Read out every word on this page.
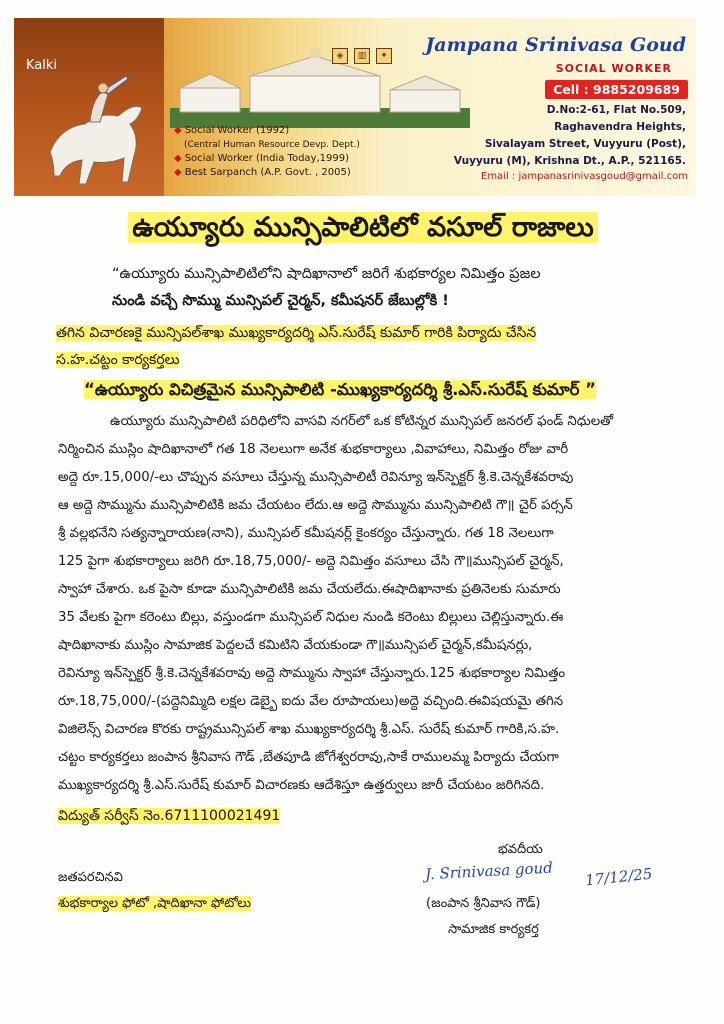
Kalki
◈	▥	✦ Jampana Srinivasa Goud
SOCIAL WORKER
Cell : 9885209689
D.No:2-61, Flat No.509,
Raghavendra Heights,
Sivalayam Street, Vuyyuru (Post),
Vuyyuru (M), Krishna Dt., A.P., 521165.
Email : jampanasrinivasgoud@gmail.com
◆ Social Worker (1992)
(Central Human Resource Devp. Dept.)
◆ Social Worker (India Today,1999)
◆ Best Sarpanch (A.P. Govt. , 2005)
ఉయ్యూరు మున్సిపాలిటిలో వసూల్ రాజాలు
“ఉయ్యూరు మున్సిపాలిటిలోని షాదిఖానాలో జరిగే శుభకార్యల నిమిత్తం ప్రజల
నుండి వచ్చే సొమ్ము మున్సిపల్ చైర్మన్, కమీషనర్ జేబుల్లోకి !
తగిన విచారణకై మున్సిపల్‌శాఖ ముఖ్యకార్యదర్శి ఎస్.సురేష్ కుమార్ గారికి పిర్యాదు చేసిన
స.హ.చట్టం కార్యకర్తలు
“ఉయ్యూరు విచిత్రమైన మున్సిపాలిటి -ముఖ్యకార్యదర్శి శ్రీ.ఎస్.సురేష్ కుమార్ ”
ఉయ్యూరు మున్సిపాలిటి పరిధిలోని వాసవి నగర్‌లో ఒక కోటిన్నర మున్సిపల్ జనరల్ ఫండ్ నిధులతో
నిర్మించిన ముస్లిం షాదిఖానాలో గత 18 నెలలుగా అనేక శుభకార్యాలు ,వివాహాలు, నిమిత్తం రోజు వారీ
అద్దె రూ.15,000/-లు చొప్పున వసూలు చేస్తున్న మున్సిపాలిటీ రెవిన్యూ ఇన్‌స్పెక్టర్ శ్రీ.కె.చెన్నకేశవరావు
ఆ అద్దె సొమ్మును మున్సిపాలిటికి జమ చేయటం లేదు.ఆ అద్దె సొమ్మును మున్సిపాలిటి గౌ॥ చైర్ పర్సన్
శ్రీ వల్లభనేని సత్యన్నారాయణ(నాని), మున్సిపల్ కమీషనర్ల్ కైంకర్యం చేస్తున్నారు. గత 18 నెలలుగా
125 పైగా శుభకార్యాలు జరిగి రూ.18,75,000/- అద్దె నిమిత్తం వసూలు చేసి గౌ॥మున్సిపల్ చైర్మన్,
స్వాహా చేశారు. ఒక పైసా కూడా మున్సిపాలిటికి జమ చేయలేదు.ఈషాదిఖానాకు ప్రతినెలకు సుమారు
35 వేలకు పైగా కరెంటు బిల్లు, వస్తుండగా మున్సిపల్ నిధుల నుండి కరెంటు బిల్లులు చెల్లిస్తున్నారు.ఈ
షాదిఖానాకు ముస్లిం సామాజిక పెద్దలచే కమిటిని వేయకుండా గౌ॥మున్సిపల్ చైర్మన్,కమీషనర్లు,
రెవిన్యూ ఇన్‌స్పెక్టర్ శ్రీ.కె.చెన్నకేశవరావు అద్దె సొమ్మును స్వాహా చేస్తున్నారు.125 శుభకార్యాల నిమిత్తం
రూ.18,75,000/-(పద్దెనిమ్మిది లక్షల డెబ్బై ఐదు వేల రూపాయలు)అద్దె వచ్చింది.ఈవిషయమై తగిన
విజిలెన్స్ విచారణ కొరకు రాష్ట్రమున్సిపల్ శాఖ ముఖ్యకార్యదర్శి శ్రీ.ఎస్. సురేష్ కుమార్ గారికి,స.హ.
చట్టం కార్యకర్తలు జంపాన శ్రీనివాస గౌడ్ ,బేతపూడి జోగేశ్వరరావు,సాకే రాములమ్మ పిర్యాదు చేయగా
ముఖ్యకార్యదర్శి శ్రీ.ఎస్.సురేష్ కుమార్ విచారణకు ఆదేశిస్తూ ఉత్తర్వులు జారీ చేయటం జరిగినది.
విద్యుత్ సర్వీస్ నెం.6711100021491
భవదీయ
J. Srinivasa goud 17/12/25
(జంపాన శ్రీనివాస గౌడ్)
సామాజిక కార్యకర్త
జతపరచినవి
శుభకార్యాల ఫోటో ,షాదిఖానా ఫోటోలు
